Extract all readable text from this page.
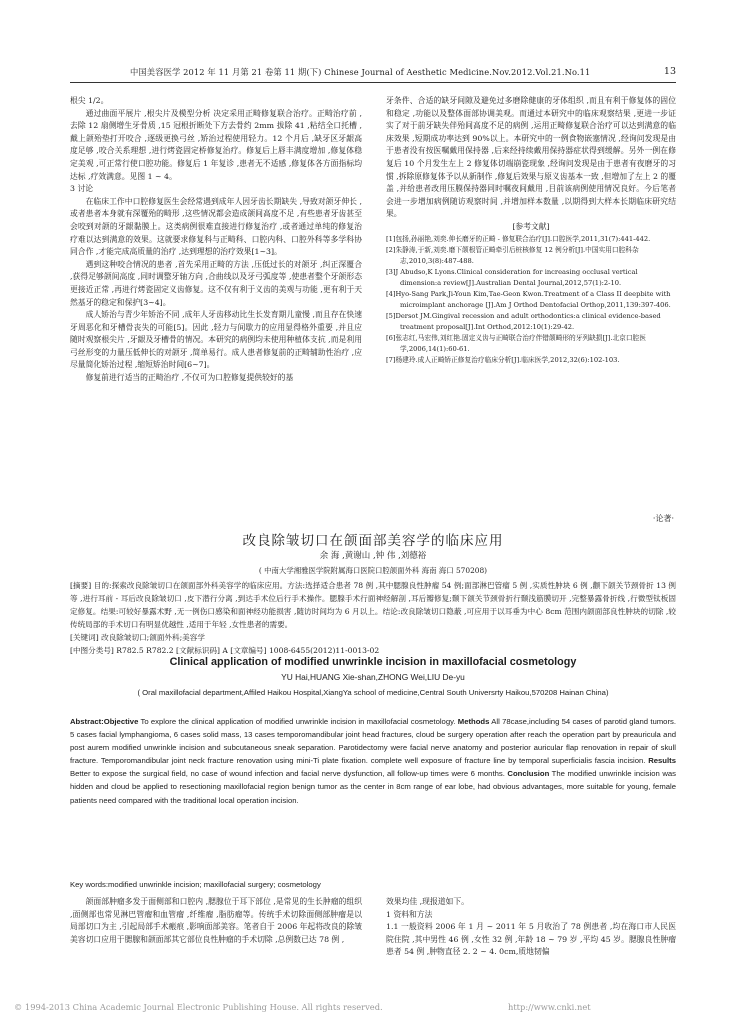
中国美容医学 2012 年 11 月第 21 卷第 11 期(下) Chinese Journal of Aesthetic Medicine.Nov.2012.Vol.21.No.11	13

根尖 1/2。

通过曲面平展片 ,根尖片及模型分析 决定采用正畸修复联合治疗。正畸治疗前 ,去除 12 扇侧增生牙骨质 ,15 冠根折断处下方去骨约 2mm 拔除 41 ,粘结全口托槽 ,戴上颌殆垫打开咬合 ,逐级更换弓丝 ,矫治过程使用轻力。12 个月后 ,缺牙区牙龈高度足够 ,咬合关系理想 ,进行烤瓷固定桥修复治疗。修复后上唇丰满度增加 ,修复体稳定美观 ,可正常行使口腔功能。修复后 1 年复诊 ,患者无不适感 ,修复体各方面指标均达标 ,疗效满意。见图 1 ~ 4。

3 讨论

在临床工作中口腔修复医生会经常遇到成年人因牙齿长期缺失 ,导致对颌牙伸长 ,或者患者本身就有深覆殆的畸形 ,这些情况都会造成颌间高度不足 ,有些患者牙齿甚至会咬到对颌的牙龈黏膜上。这类病例很难直接进行修复治疗 ,或者通过单纯的修复治疗难以达到满意的效果。这就要求修复科与正畸科、口腔内科、口腔外科等多学科协同合作 ,才能完成高质量的治疗 ,达到理想的治疗效果[1~3]。

遇到这种咬合情况的患者 ,首先采用正畸的方法 ,压低过长的对颌牙 ,纠正深覆合 ,获得足够颌间高度 ,同时调整牙轴方向 ,合曲线以及牙弓弧度等 ,使患者整个牙颌形态更接近正常 ,再进行烤瓷固定义齿修复。这不仅有利于义齿的美观与功能 ,更有利于天然基牙的稳定和保护[3~4]。

成人矫治与青少年矫治不同 ,成年人牙齿移动比生长发育期儿童慢 ,而且存在快速牙周恶化和牙槽骨丧失的可能[5]。因此 ,轻力与间歇力的应用显得格外重要 ,并且应随时观察根尖片 ,牙龈及牙槽骨的情况。本研究的病例均未使用种植体支抗 ,而是利用弓丝形变的力量压低伸长的对颌牙 ,简单易行。成人患者修复前的正畸辅助性治疗 ,应尽量简化矫治过程 ,缩短矫治时间[6~7]。

修复前进行适当的正畸治疗 ,不仅可为口腔修复提供较好的基

牙条件、合适的缺牙间隙及避免过多磨除健康的牙体组织 ,而且有利于修复体的固位和稳定 ,功能以及整体面部协调美观。而通过本研究中的临床观察结果 ,更进一步证实了对于前牙缺失伴殆间高度不足的病例 ,运用正畸修复联合治疗可以达到满意的临床效果 ,短期成功率达到 90%以上。本研究中的一例食物嵌塞情况 ,经询问发现是由于患者没有按医嘱戴用保持器 ,后来经持续戴用保持器症状得到缓解。另外一例在修复后 10 个月发生左上 2 修复体切端崩瓷现象 ,经询问发现是由于患者有夜磨牙的习惯 ,拆除原修复体予以从新制作 ,修复后效果与原义齿基本一致 ,但增加了左上 2 的覆盖 ,并给患者改用压膜保持器同时嘱夜间戴用 ,目前该病例使用情况良好。今后笔者会进一步增加病例随访观察时间 ,并增加样本数量 ,以期得到大样本长期临床研究结果。

[参考文献]

[1]包扬,孙丽艳,刘奕.伸长磨牙的正畸 - 修复联合治疗[J].口腔医学,2011,31(7):441-442.

[2]朱静涛,于新,刘奕.磨下颌根管正畸牵引后桩核修复 12 例分析[J].中国实用口腔科杂志,2010,3(8):487-488.

[3]J Abudso,K Lyons.Clinical consideration for increasing occlusal vertical dimension:a review[J].Australian Dental Journal,2012,57(1):2-10.

[4]Hyo-Sang Park,Ji-Youn Kim,Tae-Geon Kwon.Treatment of a Class II deepbite with microimplant anchorage [J].Am J Orthod Dentofacial Orthop,2011,139:397-406.

[5]Dersot JM.Gingival recession and adult orthodontics:a clinical evidence-based treatment proposal[J].Int Orthod,2012:10(1):29-42.

[6]张志红,马宏伟,刘红艳.固定义齿与正畸联合治疗伴错颌畸形的牙列缺损[J].北京口腔医学,2006,14(1):60-61.

[7]杨建玲.成人正畸矫正修复治疗临床分析[J].临床医学,2012,32(6):102-103.

·论著·
改良除皱切口在颌面部美容学的临床应用
余 海 ,黄谢山 ,钟 伟 ,刘德裕
( 中南大学湘雅医学院附属海口医院口腔颌面外科 海南 海口 570208)

[摘要] 目的:探索改良除皱切口在颌面部外科美容学的临床应用。方法:选择适合患者 78 例 ,其中腮腺良性肿瘤 54 例;面部淋巴管瘤 5 例 ,实质性肿块 6 例 ,颧下颌关节颈骨折 13 例等 ,进行耳前 - 耳后改良除皱切口 ,皮下潜行分离 ,到达手术位后行手术操作。腮腺手术行面神经解剖 ,耳后瓣修复;颞下颌关节颈骨折行颞浅筋膜切开 ,完整暴露骨折线 ,行微型钛板固定修复。结果:可较好暴露术野 ,无一例伤口感染和面神经功能损害 ,随访时间均为 6 月以上。结论:改良除皱切口隐蔽 ,可应用于以耳垂为中心 8cm 范围内颌面部良性肿块的切除 ,较传统局部的手术切口有明显优越性 ,适用于年轻 ,女性患者的需要。

[关键词] 改良除皱切口;颌面外科;美容学

[中图分类号] R782.5 R782.2 [文献标识码] A [文章编号] 1008-6455(2012)11-0013-02

Clinical application of modified unwrinkle incision in maxillofacial cosmetology
YU Hai,HUANG Xie-shan,ZHONG Wei,LIU De-yu
( Oral maxillofacial department,Affiled Haikou Hospital,XiangYa school of medicine,Central South Universrty Haikou,570208 Hainan China)

Abstract:Objective To explore the clinical application of modified unwrinkle incision in maxillofacial cosmetology. Methods All 78case,including 54 cases of parotid gland tumors. 5 cases facial lymphangioma, 6 cases solid mass, 13 cases temporomandibular joint head fractures, cloud be surgery operation after reach the operation part by preauricula and post aurem modified unwrinkle incision and subcutaneous sneak separation. Parotidectomy were facial nerve anatomy and posterior auricular flap renovation in repair of skull fracture. Temporomandibular joint neck fracture renovation using mini-Ti plate fixation. complete well exposure of fracture line by temporal superficialis fascia incision. Results Better to expose the surgical field, no case of wound infection and facial nerve dysfunction, all follow-up times were 6 months. Conclusion The modified unwrinkle incision was hidden and cloud be applied to resectioning maxillofacial region benign tumor as the center in 8cm range of ear lobe, had obvious advantages, more suitable for young, female patients need compared with the traditional local operation incision.

Key words:modified unwrinkle incision; maxillofacial surgery; cosmetology

颌面部肿瘤多发于面侧部和口腔内 ,腮腺位于耳下部位 ,是常见的生长肿瘤的组织 ,面侧部也常见淋巴管瘤和血管瘤 ,纤维瘤 ,脂肪瘤等。传统手术切除面侧部肿瘤是以局部切口为主 ,引起局部手术瘢痕 ,影响面部美容。笔者自于 2006 年起将改良的除皱美容切口应用于腮腺和颌面部其它部位良性肿瘤的手术切除 ,总例数已达 78 例 ,

效果均佳 ,现报道如下。

1 资料和方法

1.1 一般资料 2006 年 1 月 ~ 2011 年 5 月收治了 78 例患者 ,均在海口市人民医院住院 ,其中男性 46 例 ,女性 32 例 ,年龄 18 ~ 79 岁 ,平均 45 岁。腮腺良性肿瘤患者 54 例 ,肿物直径 2. 2 ~ 4. 0cm,质地韧偏

© 1994-2013 China Academic Journal Electronic Publishing House. All rights reserved.	http://www.cnki.net
